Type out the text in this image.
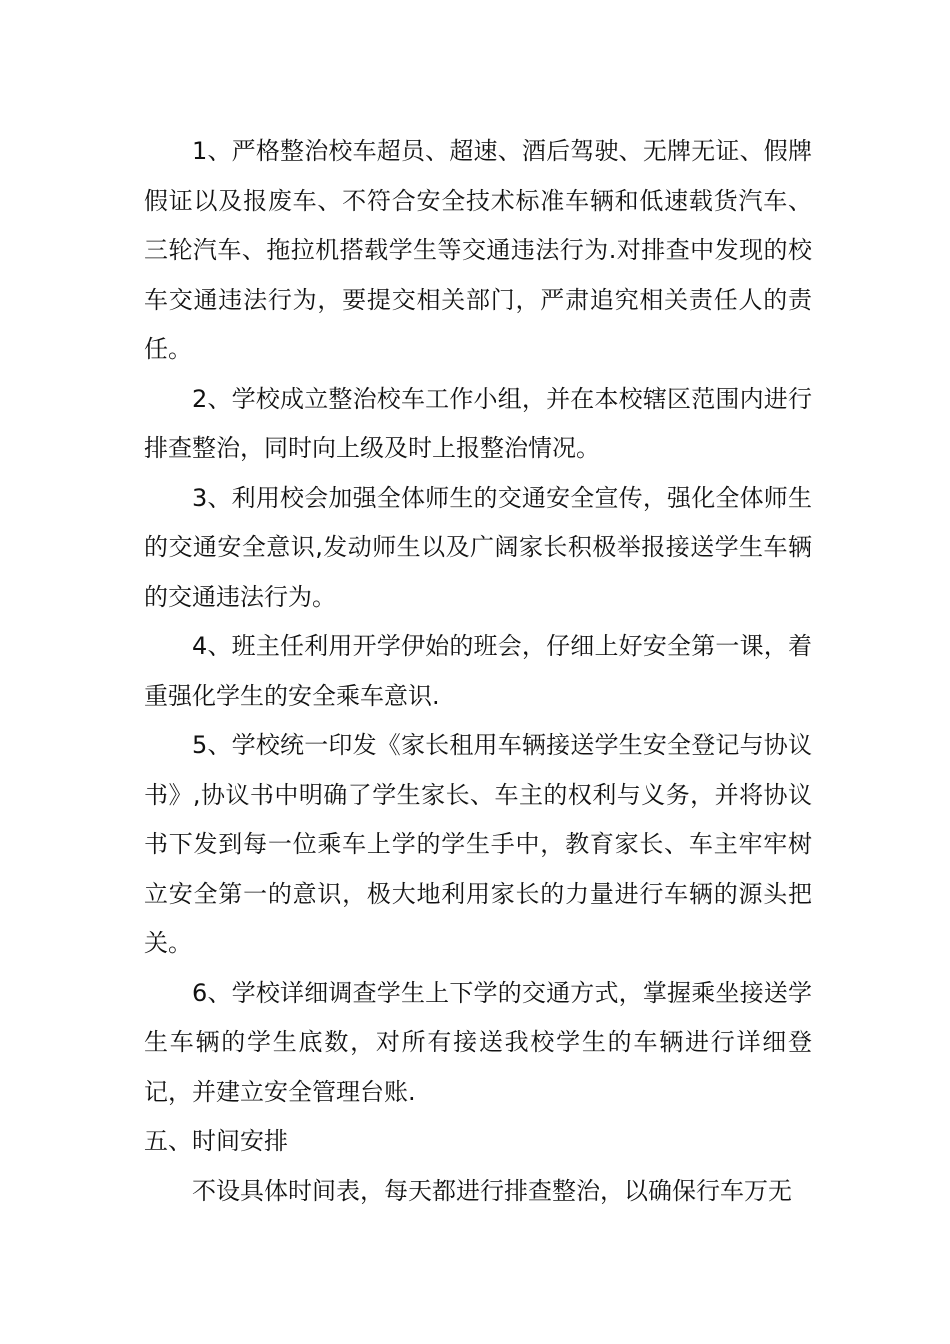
1、严格整治校车超员、超速、酒后驾驶、无牌无证、假牌假证以及报废车、不符合安全技术标准车辆和低速载货汽车、三轮汽车、拖拉机搭载学生等交通违法行为.对排查中发现的校车交通违法行为，要提交相关部门，严肃追究相关责任人的责任。

2、学校成立整治校车工作小组，并在本校辖区范围内进行排查整治，同时向上级及时上报整治情况。

3、利用校会加强全体师生的交通安全宣传，强化全体师生的交通安全意识,发动师生以及广阔家长积极举报接送学生车辆的交通违法行为。

4、班主任利用开学伊始的班会，仔细上好安全第一课，着重强化学生的安全乘车意识.

5、学校统一印发《家长租用车辆接送学生安全登记与协议书》,协议书中明确了学生家长、车主的权利与义务，并将协议书下发到每一位乘车上学的学生手中，教育家长、车主牢牢树立安全第一的意识，极大地利用家长的力量进行车辆的源头把关。

6、学校详细调查学生上下学的交通方式，掌握乘坐接送学生车辆的学生底数，对所有接送我校学生的车辆进行详细登记，并建立安全管理台账.

五、时间安排

不设具体时间表，每天都进行排查整治，以确保行车万无
